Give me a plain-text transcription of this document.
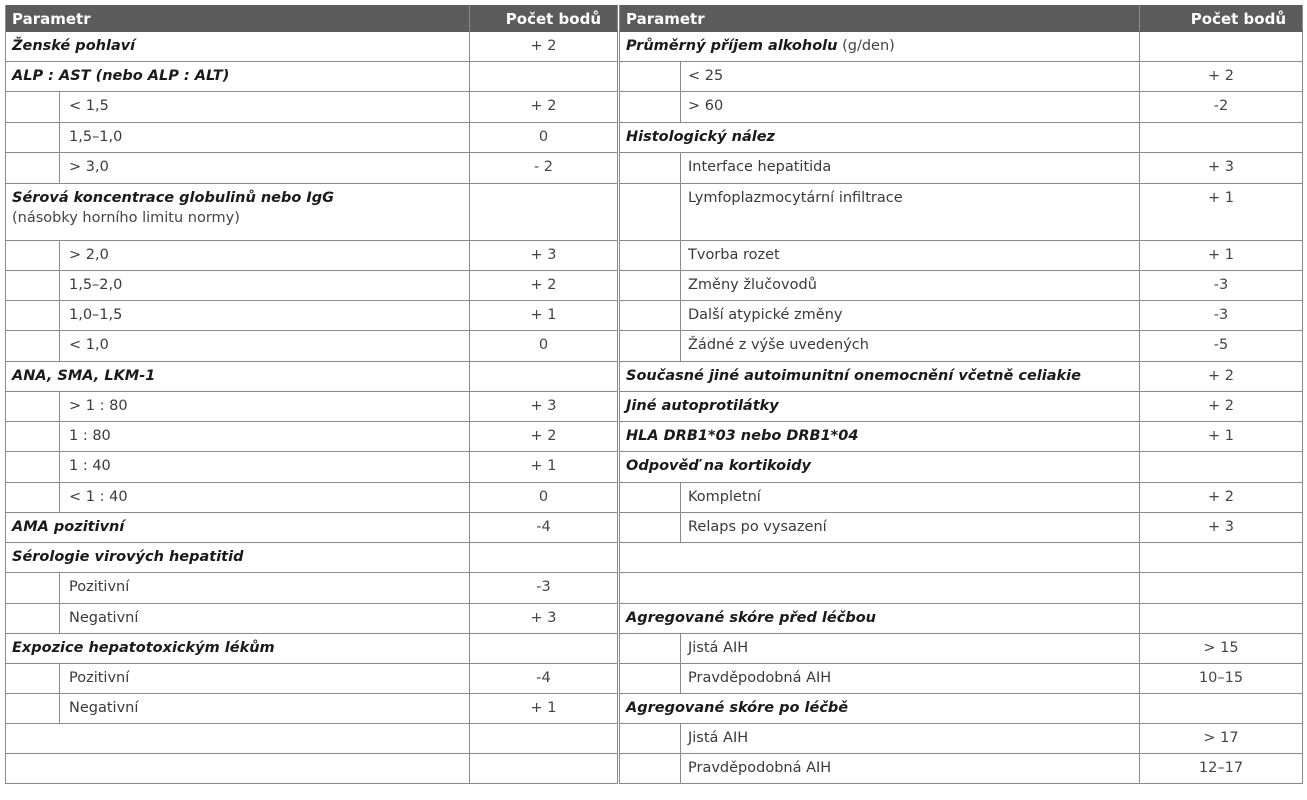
Parametr	Počet bodů
Ženské pohlaví	+ 2
ALP : AST (nebo ALP : ALT)
< 1,5	+ 2
1,5–1,0	0
> 3,0	- 2
Sérová koncentrace globulinů nebo IgG
(násobky horního limitu normy)
> 2,0	+ 3
1,5–2,0	+ 2
1,0–1,5	+ 1
< 1,0	0
ANA, SMA, LKM-1
> 1 : 80	+ 3
1 : 80	+ 2
1 : 40	+ 1
< 1 : 40	0
AMA pozitivní	-4
Sérologie virových hepatitid
Pozitivní	-3
Negativní	+ 3
Expozice hepatotoxickým lékům
Pozitivní	-4
Negativní	+ 1
Parametr	Počet bodů
Průměrný příjem alkoholu (g/den)
< 25	+ 2
> 60	-2
Histologický nález
Interface hepatitida	+ 3
Lymfoplazmocytární infiltrace	+ 1
Tvorba rozet	+ 1
Změny žlučovodů	-3
Další atypické změny	-3
Žádné z výše uvedených	-5
Současné jiné autoimunitní onemocnění včetně celiakie	+ 2
Jiné autoprotilátky	+ 2
HLA DRB1*03 nebo DRB1*04	+ 1
Odpověď na kortikoidy
Kompletní	+ 2
Relaps po vysazení	+ 3
Agregované skóre před léčbou
Jistá AIH	> 15
Pravděpodobná AIH	10–15
Agregované skóre po léčbě
Jistá AIH	> 17
Pravděpodobná AIH	12–17
